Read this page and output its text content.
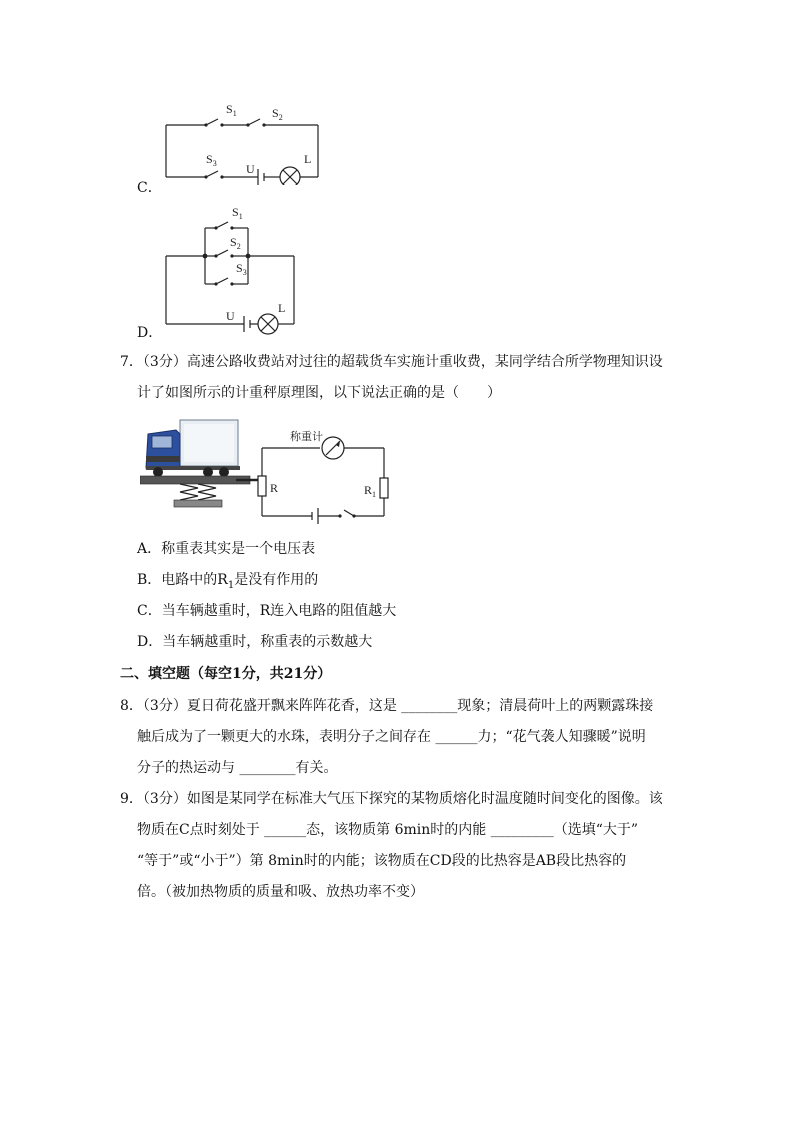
$S_1$	$S_2$
$S_3$ U
L
C．
$S_1$
$S_2$
$S_3$
U
L
D．
7．（3分）高速公路收费站对过往的超载货车实施计重收费，某同学结合所学物理知识设
计了如图所示的计重秤原理图，以下说法正确的是（　　）
称重计
R	$R_1$
A．称重表其实是一个电压表
B．电路中的$R_1$是没有作用的
C．当车辆越重时，R连入电路的阻值越大
D．当车辆越重时，称重表的示数越大
二、填空题（每空1分，共21分）
8．（3分）夏日荷花盛开飘来阵阵花香，这是 ________现象；清晨荷叶上的两颗露珠接
触后成为了一颗更大的水珠，表明分子之间存在 ______力；“花气袭人知骤暖”说明
分子的热运动与 ________有关。
9．（3分）如图是某同学在标准大气压下探究的某物质熔化时温度随时间变化的图像。该
物质在C点时刻处于 ______态，该物质第 6min时的内能 _________（选填“大于”
“等于”或“小于”）第 8min时的内能；该物质在CD段的比热容是AB段比热容的
倍。（被加热物质的质量和吸、放热功率不变）
